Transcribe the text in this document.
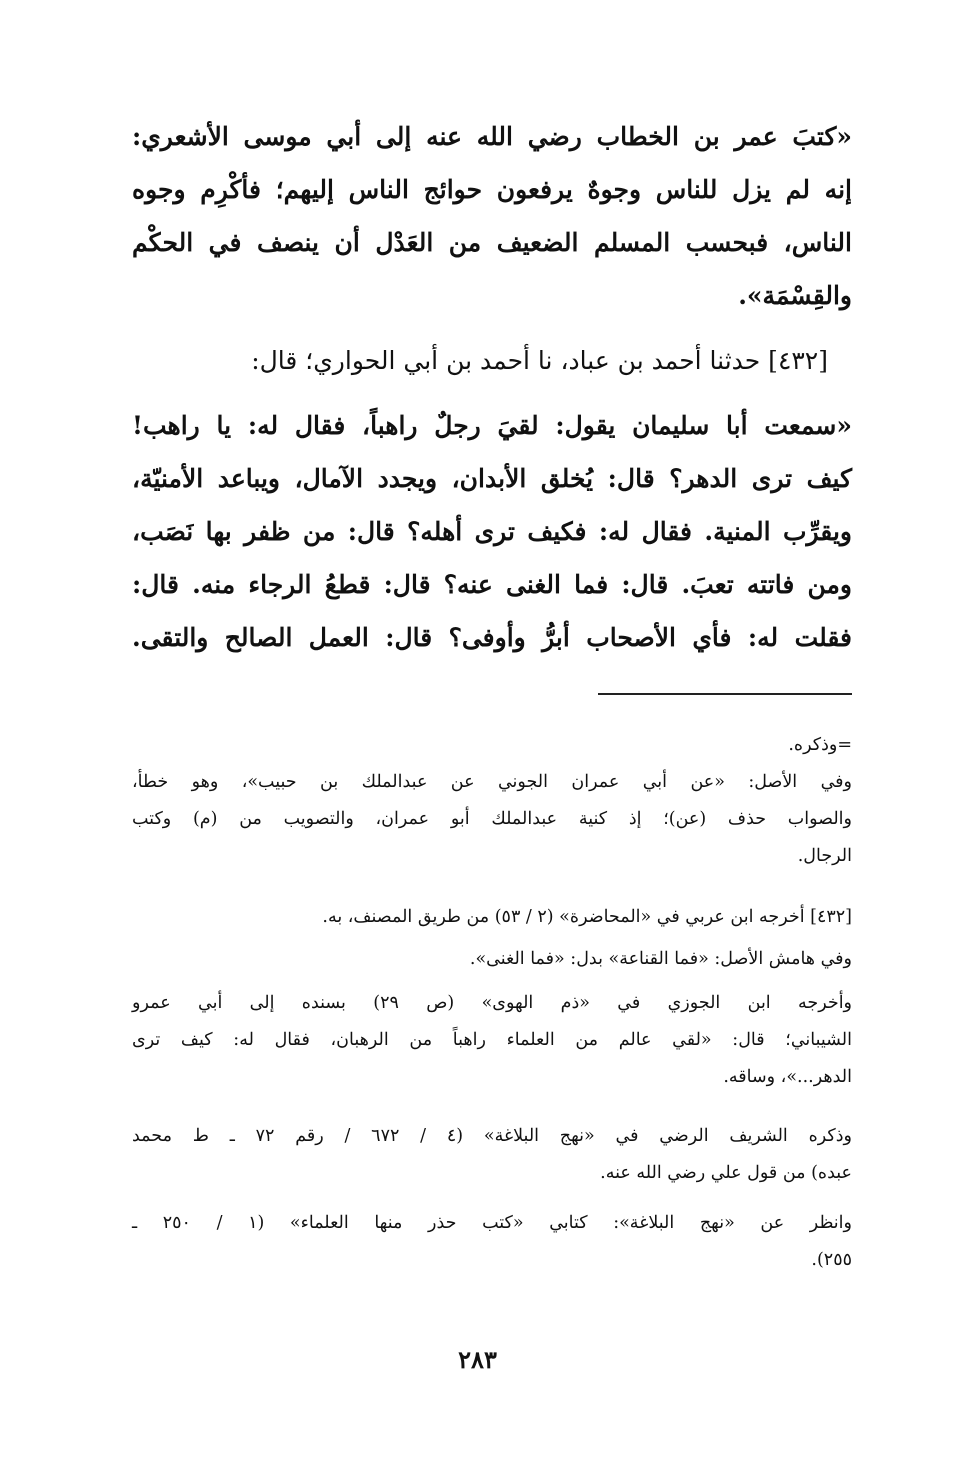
«كتبَ عمر بن الخطاب رضي الله عنه إلى أبي موسى الأشعري:
إنه لم يزل للناس وجوهٌ يرفعون حوائج الناس إليهم؛ فأكْرِم وجوه
الناس، فبحسب المسلم الضعيف من العَدْل أن ينصف في الحكْم
والقِسْمَة».
[٤٣٢] حدثنا أحمد بن عباد، نا أحمد بن أبي الحواري؛ قال:
«سمعت أبا سليمان يقول: لقيَ رجلٌ راهباً، فقال له: يا راهب!
كيف ترى الدهر؟ قال: يُخلق الأبدان، ويجدد الآمال، ويباعد الأمنيّة،
ويقرِّب المنية. فقال له: فكيف ترى أهله؟ قال: من ظفر بها نَصَب،
ومن فاتته تعبَ. قال: فما الغنى عنه؟ قال: قطعُ الرجاء منه. قال:
فقلت له: فأي الأصحاب أبرُّ وأوفى؟ قال: العمل الصالح والتقى.
=وذكره.
وفي الأصل: «عن أبي عمران الجوني عن عبدالملك بن حبيب»، وهو خطأ،
والصواب حذف (عن)؛ إذ كنية عبدالملك أبو عمران، والتصويب من (م) وكتب
الرجال.
[٤٣٢] أخرجه ابن عربي في «المحاضرة» (٢ / ٥٣) من طريق المصنف، به.
وفي هامش الأصل: «فما القناعة» بدل: «فما الغنى».
وأخرجه ابن الجوزي في «ذم الهوى» (ص ٢٩) بسنده إلى أبي عمرو
الشيباني؛ قال: «لقي عالم من العلماء راهباً من الرهبان، فقال له: كيف ترى
الدهر...»، وساقه.
وذكره الشريف الرضي في «نهج البلاغة» (٤ / ٦٧٢ / رقم ٧٢ ـ ط محمد
عبده) من قول علي رضي الله عنه.
وانظر عن «نهج البلاغة»: كتابي «كتب حذر منها العلماء» (١ / ٢٥٠ ـ
٢٥٥).
٢٨٣
